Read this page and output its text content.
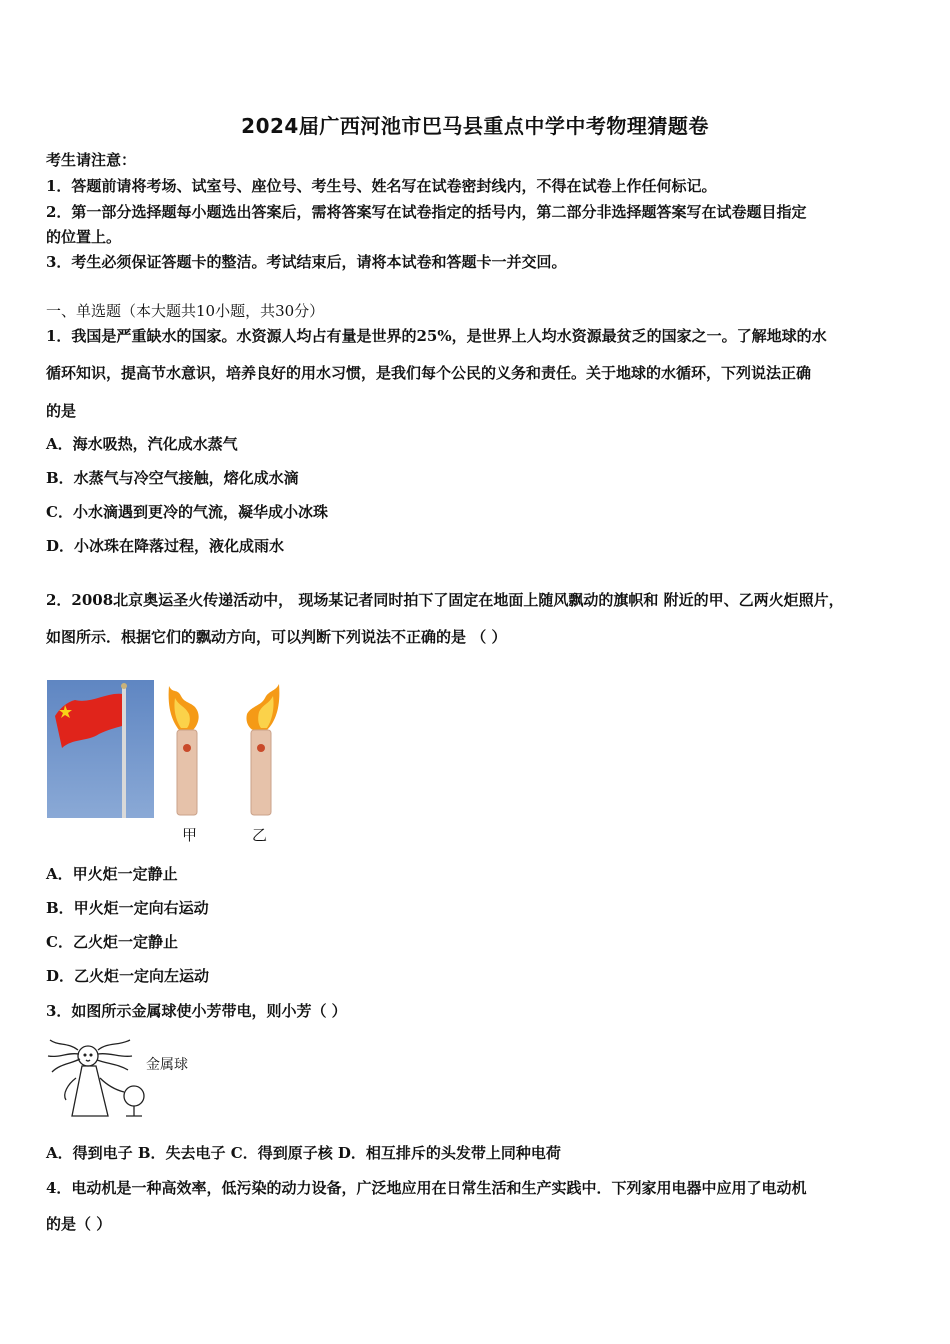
2024届广西河池市巴马县重点中学中考物理猜题卷
考生请注意：
1．答题前请将考场、试室号、座位号、考生号、姓名写在试卷密封线内，不得在试卷上作任何标记。
2．第一部分选择题每小题选出答案后，需将答案写在试卷指定的括号内，第二部分非选择题答案写在试卷题目指定
的位置上。
3．考生必须保证答题卡的整洁。考试结束后，请将本试卷和答题卡一并交回。
一、单选题（本大题共10小题，共30分）
1．我国是严重缺水的国家。水资源人均占有量是世界的25%，是世界上人均水资源最贫乏的国家之一。了解地球的水
循环知识，提高节水意识，培养良好的用水习惯，是我们每个公民的义务和责任。关于地球的水循环，下列说法正确
的是
A．海水吸热，汽化成水蒸气
B．水蒸气与冷空气接触，熔化成水滴
C．小水滴遇到更冷的气流，凝华成小冰珠
D．小冰珠在降落过程，液化成雨水
2．2008北京奥运圣火传递活动中， 现场某记者同时拍下了固定在地面上随风飘动的旗帜和 附近的甲、乙两火炬照片，
如图所示．根据它们的飘动方向，可以判断下列说法不正确的是 （ ）
甲	乙
A．甲火炬一定静止
B．甲火炬一定向右运动
C．乙火炬一定静止
D．乙火炬一定向左运动
3．如图所示金属球使小芳带电，则小芳（ ）
金属球
A．得到电子 B．失去电子 C．得到原子核 D．相互排斥的头发带上同种电荷
4．电动机是一种高效率，低污染的动力设备，广泛地应用在日常生活和生产实践中．下列家用电器中应用了电动机
的是（ ）
